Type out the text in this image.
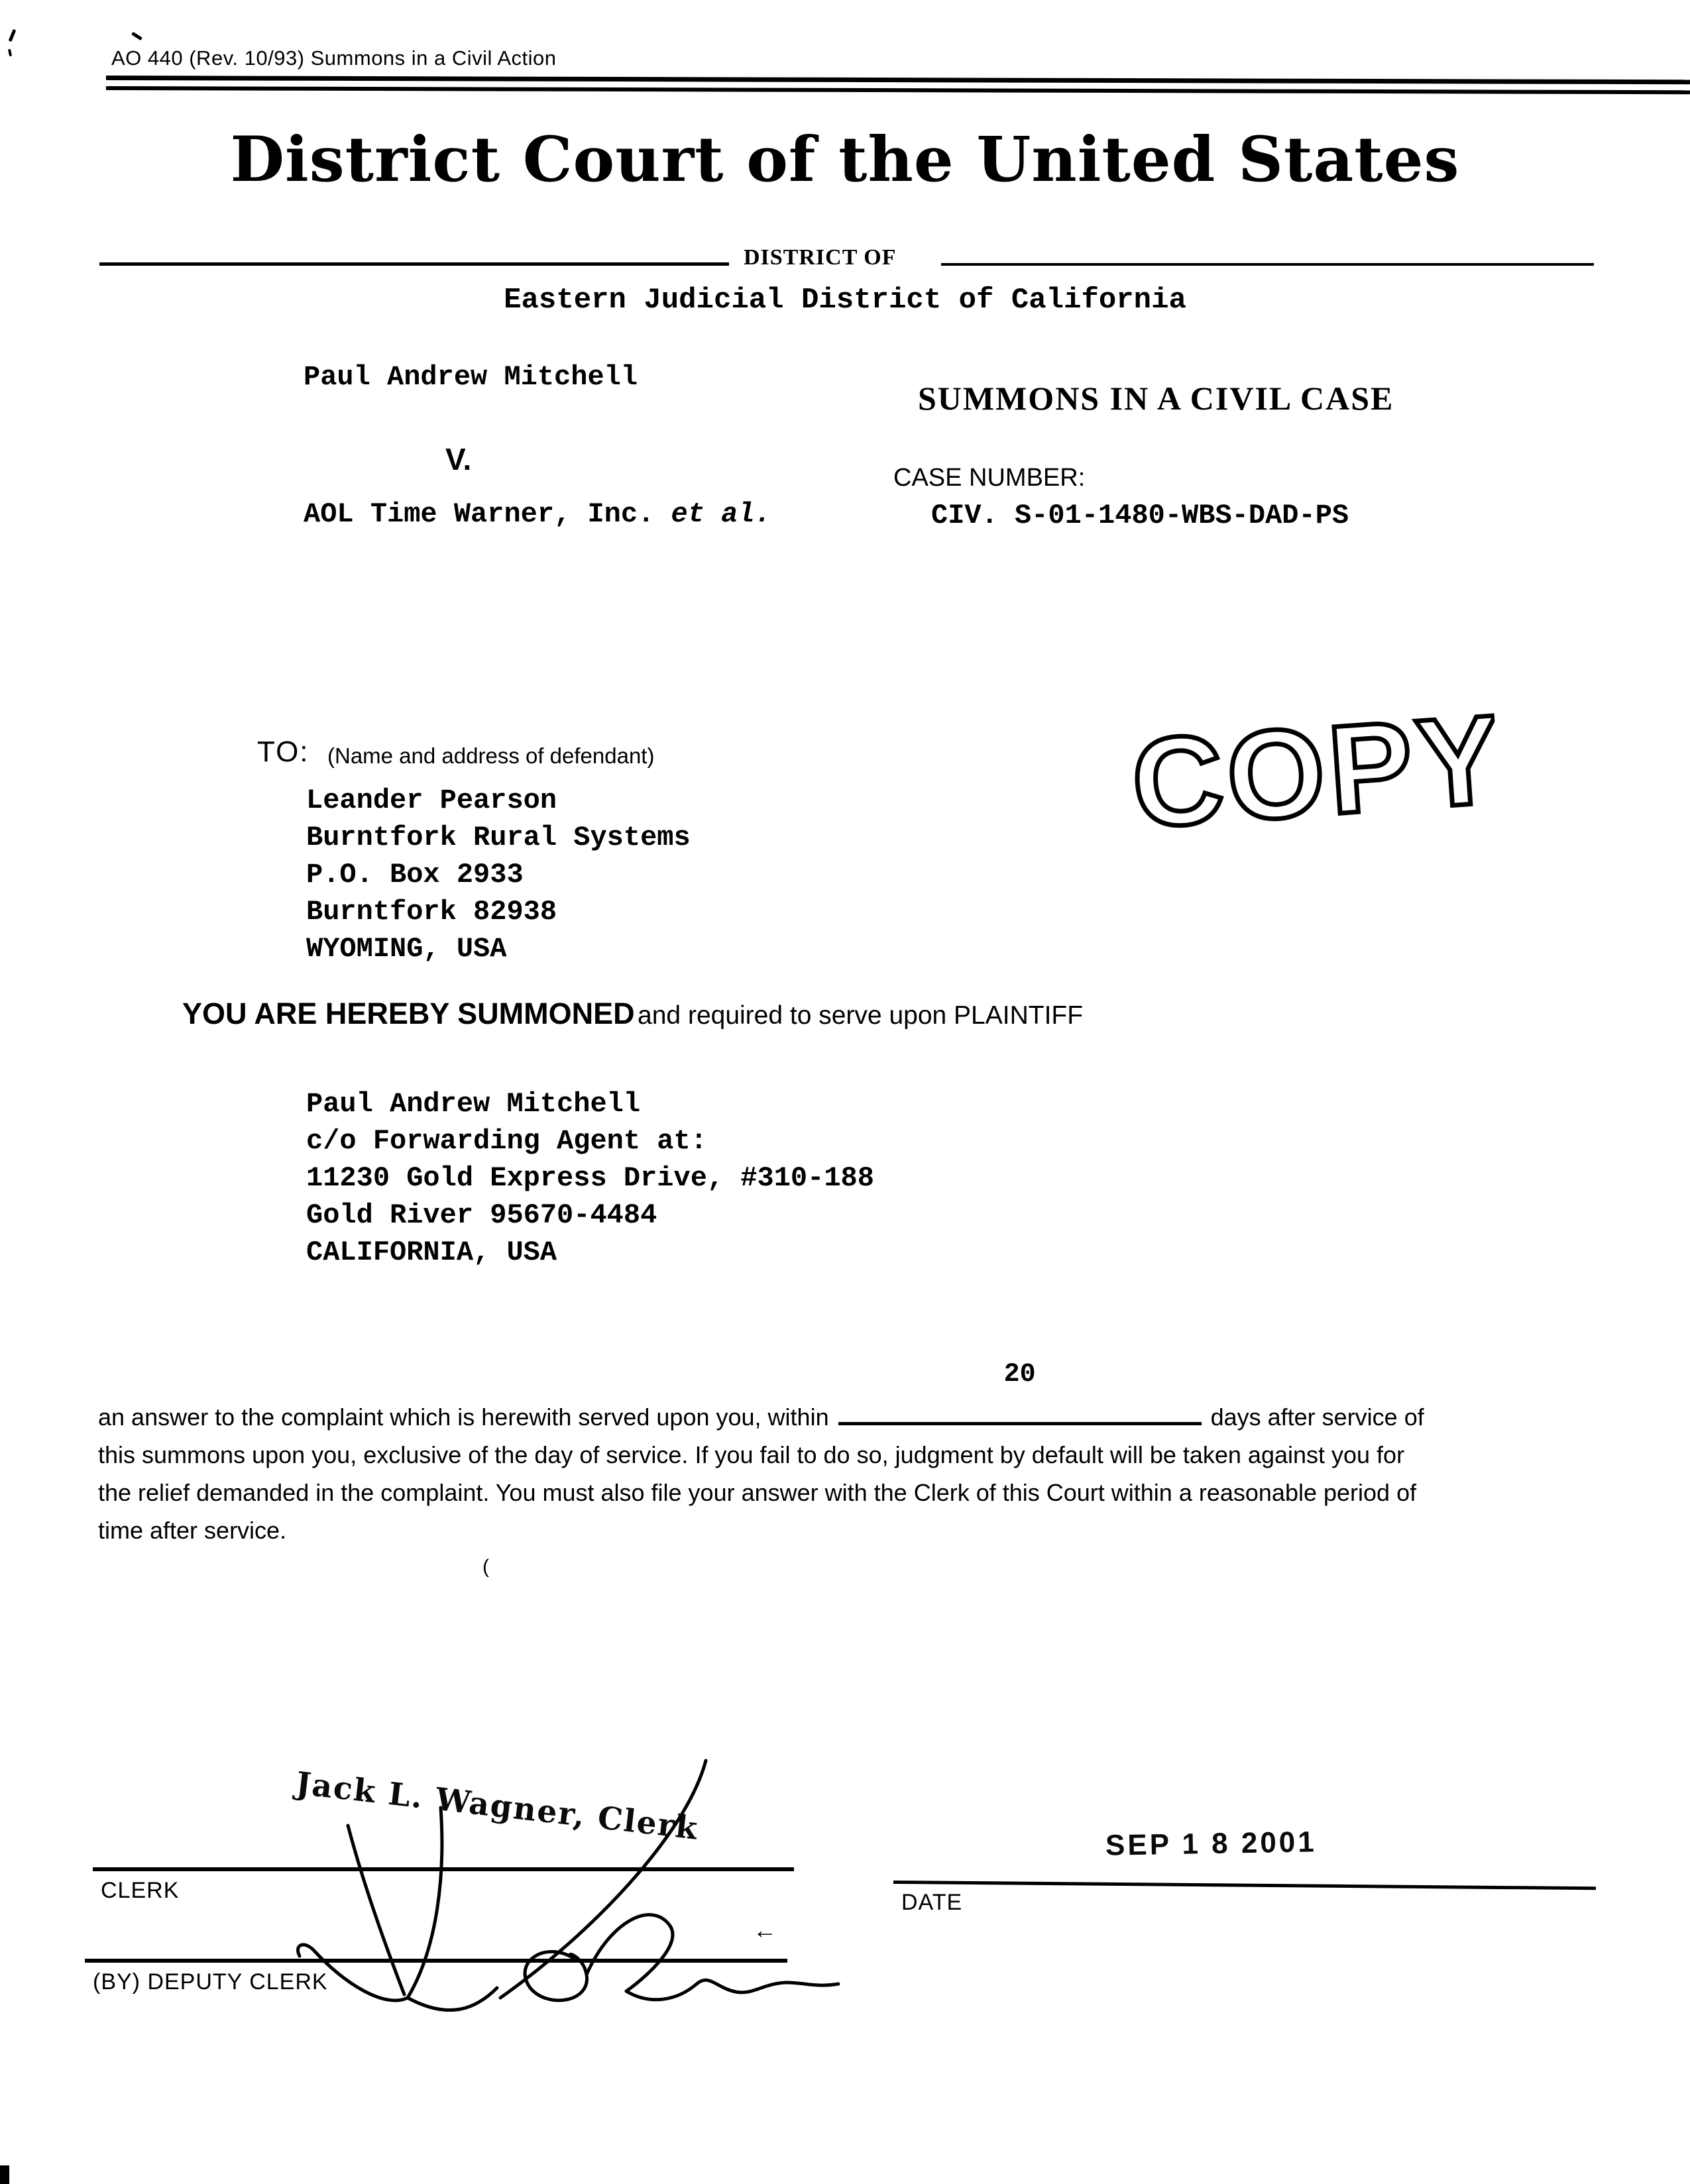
AO 440 (Rev. 10/93) Summons in a Civil Action
District Court of the United States
DISTRICT OF
Eastern Judicial District of California
Paul Andrew Mitchell
SUMMONS IN A CIVIL CASE
V.
CASE NUMBER:
AOL Time Warner, Inc. et al.	CIV. S-01-1480-WBS-DAD-PS
COPY
TO: (Name and address of defendant)
Leander Pearson
Burntfork Rural Systems
P.O. Box 2933
Burntfork 82938
WYOMING, USA
YOU ARE HEREBY SUMMONED and required to serve upon PLAINTIFF
Paul Andrew Mitchell
c/o Forwarding Agent at:
11230 Gold Express Drive, #310-188
Gold River 95670-4484
CALIFORNIA, USA
an answer to the complaint which is herewith served upon you, within
20
days after service of
this summons upon you, exclusive of the day of service. If you fail to do so, judgment by default will be taken against you for
the relief demanded in the complaint. You must also file your answer with the Clerk of this Court within a reasonable period of
time after service.
(
Jack L. Wagner, Clerk
CLERK
SEP 1 8 2001
DATE
(BY) DEPUTY CLERK
←
